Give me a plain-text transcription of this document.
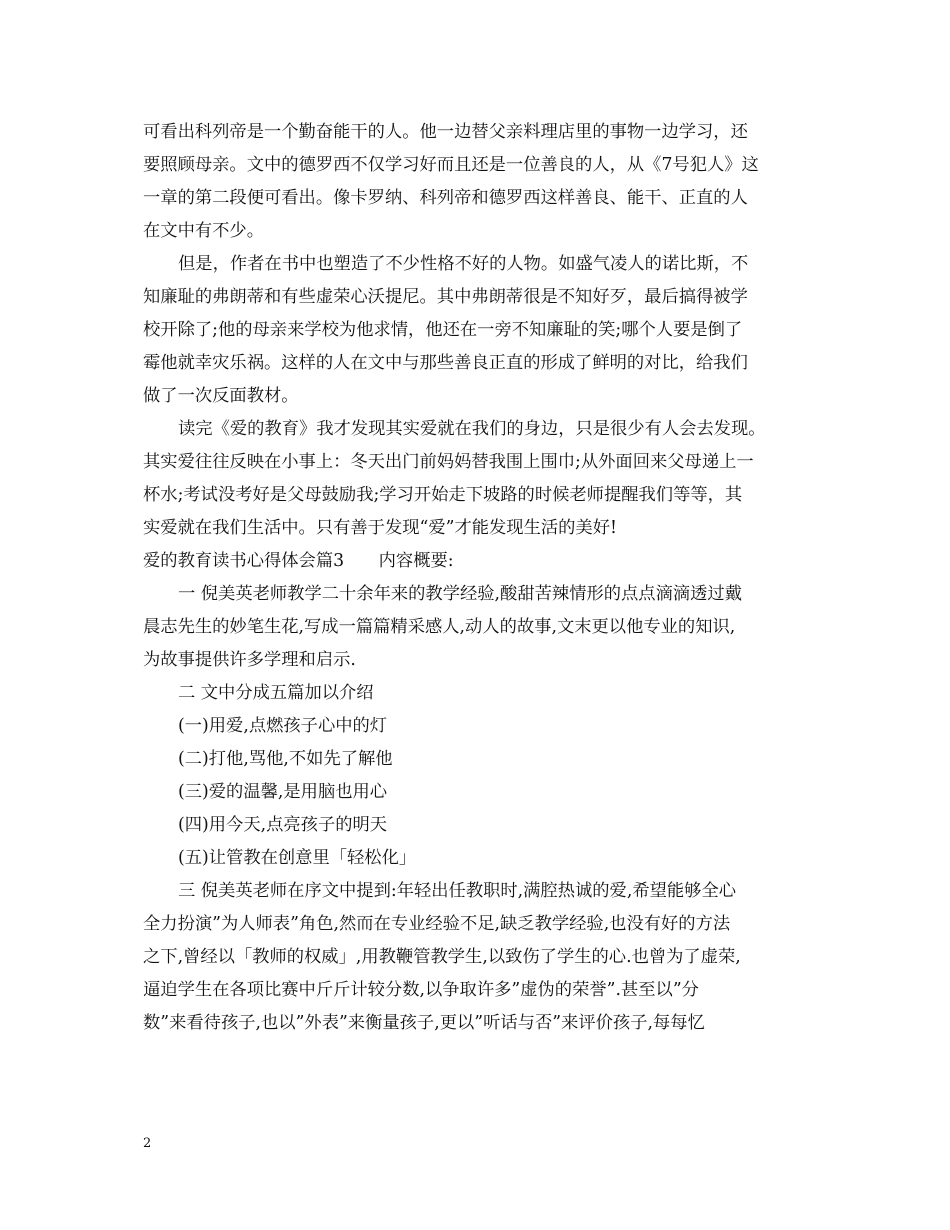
可看出科列帝是一个勤奋能干的人。他一边替父亲料理店里的事物一边学习，还
要照顾母亲。文中的德罗西不仅学习好而且还是一位善良的人，从《7号犯人》这
一章的第二段便可看出。像卡罗纳、科列帝和德罗西这样善良、能干、正直的人
在文中有不少。
但是，作者在书中也塑造了不少性格不好的人物。如盛气凌人的诺比斯，不
知廉耻的弗朗蒂和有些虚荣心沃提尼。其中弗朗蒂很是不知好歹，最后搞得被学
校开除了;他的母亲来学校为他求情，他还在一旁不知廉耻的笑;哪个人要是倒了
霉他就幸灾乐祸。这样的人在文中与那些善良正直的形成了鲜明的对比，给我们
做了一次反面教材。
读完《爱的教育》我才发现其实爱就在我们的身边，只是很少有人会去发现。
其实爱往往反映在小事上：冬天出门前妈妈替我围上围巾;从外面回来父母递上一
杯水;考试没考好是父母鼓励我;学习开始走下坡路的时候老师提醒我们等等，其
实爱就在我们生活中。只有善于发现“爱”才能发现生活的美好!
爱的教育读书心得体会篇3　　内容概要:
一 倪美英老师教学二十余年来的教学经验,酸甜苦辣情形的点点滴滴透过戴
晨志先生的妙笔生花,写成一篇篇精采感人,动人的故事,文末更以他专业的知识,
为故事提供许多学理和启示.
二 文中分成五篇加以介绍
(一)用爱,点燃孩子心中的灯
(二)打他,骂他,不如先了解他
(三)爱的温馨,是用脑也用心
(四)用今天,点亮孩子的明天
(五)让管教在创意里「轻松化」
三 倪美英老师在序文中提到:年轻出任教职时,满腔热诚的爱,希望能够全心
全力扮演”为人师表”角色,然而在专业经验不足,缺乏教学经验,也没有好的方法
之下,曾经以「教师的权威」,用教鞭管教学生,以致伤了学生的心.也曾为了虚荣,
逼迫学生在各项比赛中斤斤计较分数,以争取许多”虚伪的荣誉”.甚至以”分
数”来看待孩子,也以”外表”来衡量孩子,更以”听话与否”来评价孩子,每每忆
2
